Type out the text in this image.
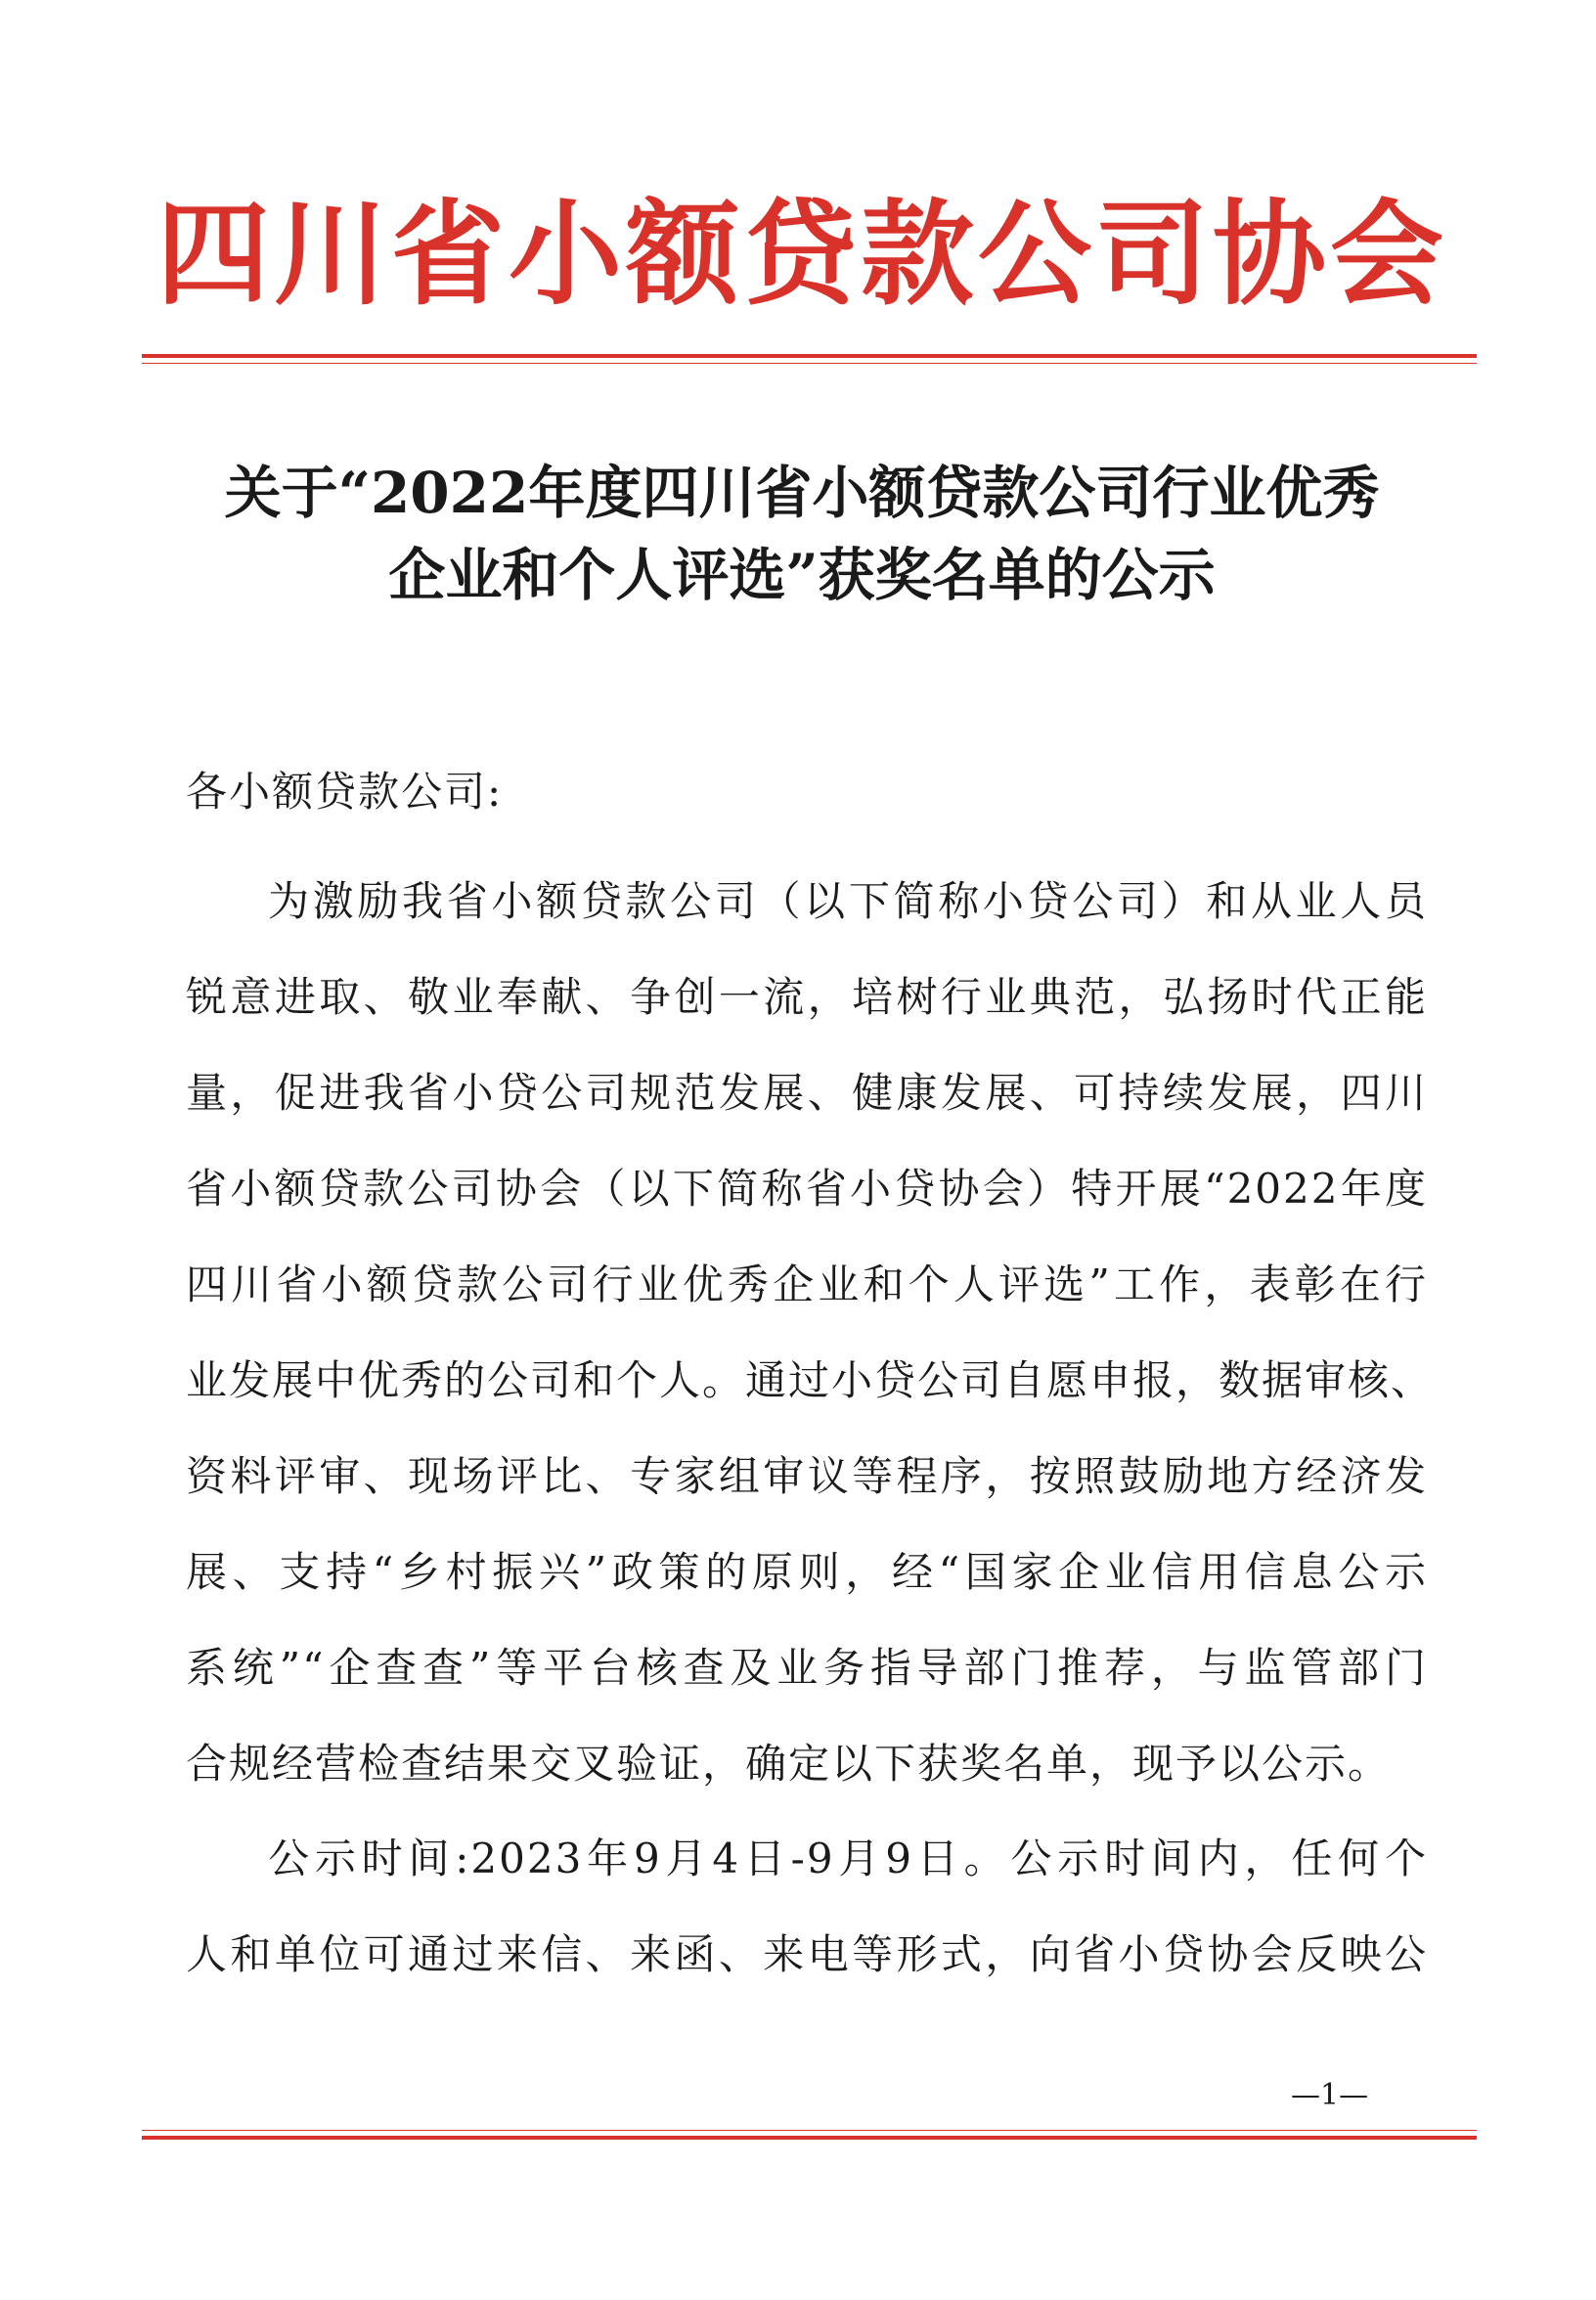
四川省小额贷款公司协会
关于“2022年度四川省小额贷款公司行业优秀
企业和个人评选”获奖名单的公示
各小额贷款公司:
为激励我省小额贷款公司（以下简称小贷公司）和从业人员
锐意进取、敬业奉献、争创一流，培树行业典范，弘扬时代正能
量，促进我省小贷公司规范发展、健康发展、可持续发展，四川
省小额贷款公司协会（以下简称省小贷协会）特开展“2022年度
四川省小额贷款公司行业优秀企业和个人评选”工作，表彰在行
业发展中优秀的公司和个人。通过小贷公司自愿申报，数据审核、
资料评审、现场评比、专家组审议等程序，按照鼓励地方经济发
展、支持“乡村振兴”政策的原则，经“国家企业信用信息公示
系统”“企查查”等平台核查及业务指导部门推荐，与监管部门
合规经营检查结果交叉验证，确定以下获奖名单，现予以公示。
公示时间:2023年9月4日-9月9日。公示时间内，任何个
人和单位可通过来信、来函、来电等形式，向省小贷协会反映公
—1—
